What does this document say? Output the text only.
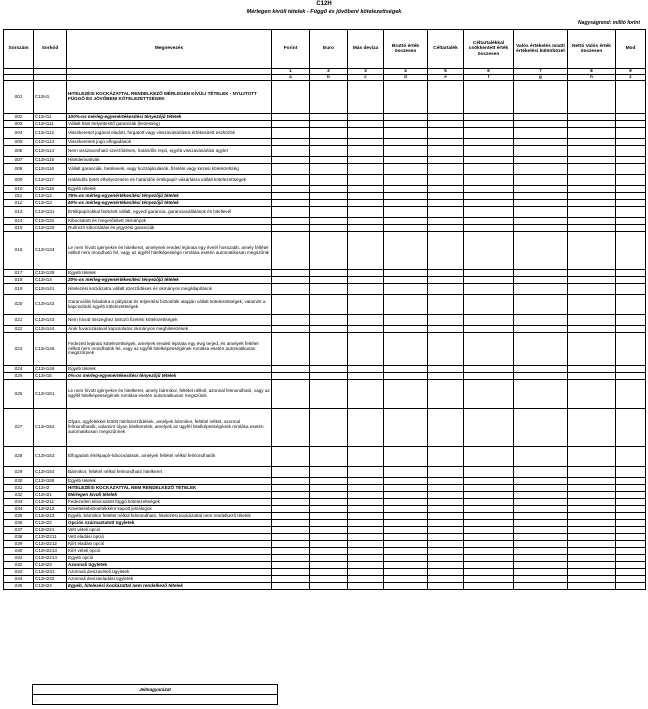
C12H
Mérlegen kívüli tételek - Függő és jövőbeni kötelezettségek
Nagyságrend: millió forint
Sorszám	Sorkód	Megnevezés	Forint	Euro	Más deviza	Bruttó érték összesen	Céltartalék	Céltartalékkal csökkentett érték összesen	Valós értékelés miatti értékelési különbözet	Nettó Valós érték összesen	Mod
			1	2	3	4	5	6	7	8	9
			a	b	c	d	e	f	g	h	z
001	C12H1	HITELEZÉSI KOCKÁZATTAL RENDELKEZŐ MÉRLEGEN KÍVÜLI TÉTELEK - NYUJTOTT FÜGGŐ ÉS JÖVŐBENI KÖTELEZETTSÉGEK									
002	C12H11	100%-os mérleg-egyenértékesítési tényezőjű tételek									
003	C12H111	Vállalt hitel helyettesítő garanciák (kezesség)									
004	C12H112	Visszkereset jogával eladott, forgatott vagy visszavásárlásra értékesített eszközök									
005	C12H113	Visszkereseti jogú elfogadások									
006	C12H114	Nem visszavonható szerződéses, határidős repó, egyéb visszavásárlási ügylet									
007	C12H115	Hitelderivatívák									
008	C12H116	Vállalt garanciák, betétesek, vagy hozzájárulások, fizetési vagy kezesi kötelezettség									
009	C12H117	Határidős betét elhelyezésére és határidős értékpapír-vásárlásra vállalt kötelezettségek									
010	C12H118	Egyéb tételek									
011	C12H12	75%-os mérleg-egyenértékesítési tényezőjű tételek									
012	C12H13	50%-os mérleg-egyenértékesítési tényezőjű tételek									
013	C12H131	Értékpapírokkal fedezett vállalt, egyedi garancia, garanciavállalások és hitellevél									
014	C12H132	Kibocsátott és megerősített okmányok									
015	C12H133	Rulírozó kibocsátási és jegyzési garanciák									
016	C12H134	Le nem hívott igényekre és hitelkeret, amelynek eredeti lejárata egy évnél hosszabb, amely feltétel nélkül nem mondható fel, vagy az ügyfél hitelképessége romlása esetén automatikusan megszűnik									
017	C12H135	Egyéb tételek									
018	C12H14	20%-os mérleg-egyenértékesítési tényezőjű tételek									
019	C12H141	Hitelezési kockázatra vállalt szerződéses és okmányos megállapítások									
020	C12H142	Garanciális feladatra a pályázat és teljesítési biztosíték alapján vállalt kötelezettségek, valamint a kapcsolódó egyéb kötelezettségek									
021	C12H143	Nem hívott összeghez tartozó fizetési kötelezettségek									
022	C12H144	Áruk fuvarozásával kapcsolatos okmányos meghitelezések									
023	C12H145	Fedezett lejáratú kötelezettségek, amelyek eredeti lejárata egy évig terjed, és amelyek feltétel nélkül nem mondhatók fel, vagy az ügyfél hitelképességének romlása esetén automatikusan megszűnnek									
024	C12H146	Egyéb tételek									
025	C12H15	0%-os mérleg-egyenértékesítési tényezőjű tételek									
026	C12H151	Le nem hívott igényekre és hitelkeret, amely bármikor, feltétel nélkül, azonnal felmondható, vagy az ügyfél hitelképességének romlása esetén automatikusan megszűnik									
027	C12H152	Olyan, ügyfelekkel kötött hitelszerződések, amelyek bármikor, feltétel nélkül, azonnal felmondhatók, valamint olyan hitelkeretek, amelyek az ügyfél hitelképességének romlása esetén automatikusan megszűnnek									
028	C12H153	Elfogadott értékpapír-kibocsátások, amelyek feltétel nélkül felmondhatók									
029	C12H154	Bármikor, feltétel nélkül felmondható hitelkeret									
030	C12H155	Egyéb tételek									
031	C12H2	HITELEZÉSI KOCKÁZATTAL NEM RENDELKEZŐ TÉTELEK									
032	C12H21	Mérlegen kívüli tételek									
033	C12H211	Fedezetlen kibocsátott függő kötelezettségek									
034	C12H212	Követelésbiztosítékként kapott jelzálogok									
035	C12H213	Egyéb, bármikor feltétel nélkül felmondható, hitelezési kockázattal nem rendelkező tételek									
036	C12H22	Opciós származtatott ügyletek									
037	C12H221	Vett vételi opció									
038	C12H2211	Vett eladási opció									
039	C12H2212	Kiírt eladási opció									
040	C12H2213	Kiírt vételi opció									
041	C12H2214	Egyéb opció									
042	C12H23	Azonnali ügyletek									
043	C12H231	Azonnali devizavételi ügyletek									
044	C12H232	Azonnali devizaeladási ügyletek									
045	C12H24	Egyéb, hitelezési kockázattal nem rendelkező tételek									
Jelmagyarázat
...
